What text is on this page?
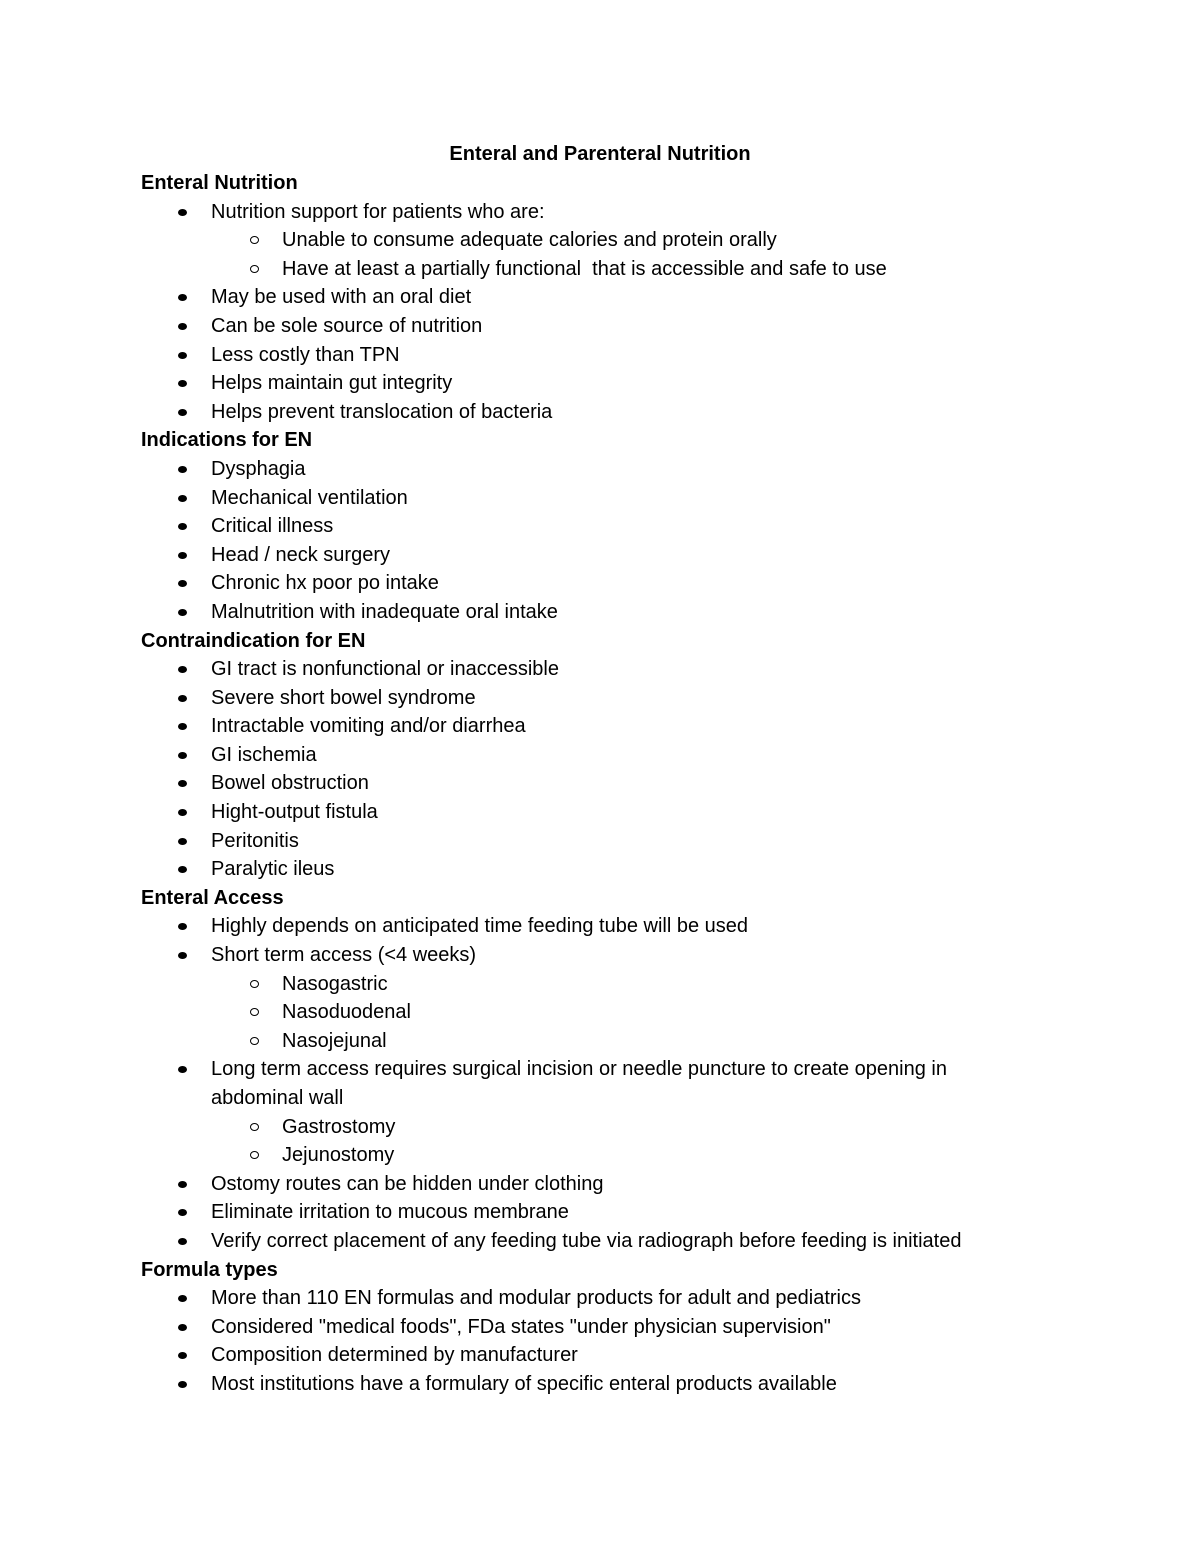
Enteral and Parenteral Nutrition
Enteral Nutrition
Nutrition support for patients who are:
Unable to consume adequate calories and protein orally
Have at least a partially functional  that is accessible and safe to use
May be used with an oral diet
Can be sole source of nutrition
Less costly than TPN
Helps maintain gut integrity
Helps prevent translocation of bacteria
Indications for EN
Dysphagia
Mechanical ventilation
Critical illness
Head / neck surgery
Chronic hx poor po intake
Malnutrition with inadequate oral intake
Contraindication for EN
GI tract is nonfunctional or inaccessible
Severe short bowel syndrome
Intractable vomiting and/or diarrhea
GI ischemia
Bowel obstruction
Hight-output fistula
Peritonitis
Paralytic ileus
Enteral Access
Highly depends on anticipated time feeding tube will be used
Short term access (<4 weeks)
Nasogastric
Nasoduodenal
Nasojejunal
Long term access requires surgical incision or needle puncture to create opening in abdominal wall
Gastrostomy
Jejunostomy
Ostomy routes can be hidden under clothing
Eliminate irritation to mucous membrane
Verify correct placement of any feeding tube via radiograph before feeding is initiated
Formula types
More than 110 EN formulas and modular products for adult and pediatrics
Considered "medical foods", FDa states "under physician supervision"
Composition determined by manufacturer
Most institutions have a formulary of specific enteral products available
